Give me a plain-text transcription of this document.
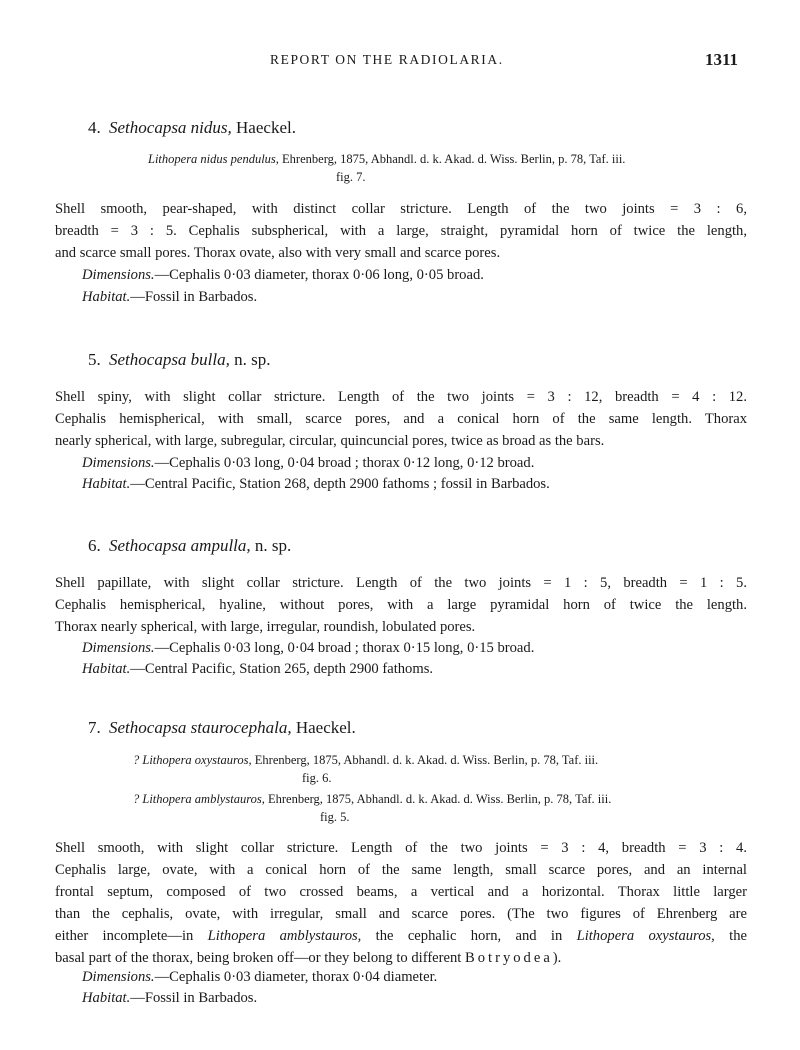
REPORT ON THE RADIOLARIA.	1311
4. Sethocapsa nidus, Haeckel.
Lithopera nidus pendulus, Ehrenberg, 1875, Abhandl. d. k. Akad. d. Wiss. Berlin, p. 78, Taf. iii.
fig. 7.
Shell smooth, pear-shaped, with distinct collar stricture. Length of the two joints = 3 : 6,
breadth = 3 : 5. Cephalis subspherical, with a large, straight, pyramidal horn of twice the length,
and scarce small pores. Thorax ovate, also with very small and scarce pores.
Dimensions.—Cephalis 0·03 diameter, thorax 0·06 long, 0·05 broad.
Habitat.—Fossil in Barbados.
5. Sethocapsa bulla, n. sp.
Shell spiny, with slight collar stricture. Length of the two joints = 3 : 12, breadth = 4 : 12.
Cephalis hemispherical, with small, scarce pores, and a conical horn of the same length. Thorax
nearly spherical, with large, subregular, circular, quincuncial pores, twice as broad as the bars.
Dimensions.—Cephalis 0·03 long, 0·04 broad ; thorax 0·12 long, 0·12 broad.
Habitat.—Central Pacific, Station 268, depth 2900 fathoms ; fossil in Barbados.
6. Sethocapsa ampulla, n. sp.
Shell papillate, with slight collar stricture. Length of the two joints = 1 : 5, breadth = 1 : 5.
Cephalis hemispherical, hyaline, without pores, with a large pyramidal horn of twice the length.
Thorax nearly spherical, with large, irregular, roundish, lobulated pores.
Dimensions.—Cephalis 0·03 long, 0·04 broad ; thorax 0·15 long, 0·15 broad.
Habitat.—Central Pacific, Station 265, depth 2900 fathoms.
7. Sethocapsa staurocephala, Haeckel.
? Lithopera oxystauros, Ehrenberg, 1875, Abhandl. d. k. Akad. d. Wiss. Berlin, p. 78, Taf. iii.
fig. 6.
? Lithopera amblystauros, Ehrenberg, 1875, Abhandl. d. k. Akad. d. Wiss. Berlin, p. 78, Taf. iii.
fig. 5.
Shell smooth, with slight collar stricture. Length of the two joints = 3 : 4, breadth = 3 : 4.
Cephalis large, ovate, with a conical horn of the same length, small scarce pores, and an internal
frontal septum, composed of two crossed beams, a vertical and a horizontal. Thorax little larger
than the cephalis, ovate, with irregular, small and scarce pores. (The two figures of Ehrenberg are
either incomplete—in Lithopera amblystauros, the cephalic horn, and in Lithopera oxystauros, the
basal part of the thorax, being broken off—or they belong to different Botryodea).
Dimensions.—Cephalis 0·03 diameter, thorax 0·04 diameter.
Habitat.—Fossil in Barbados.
